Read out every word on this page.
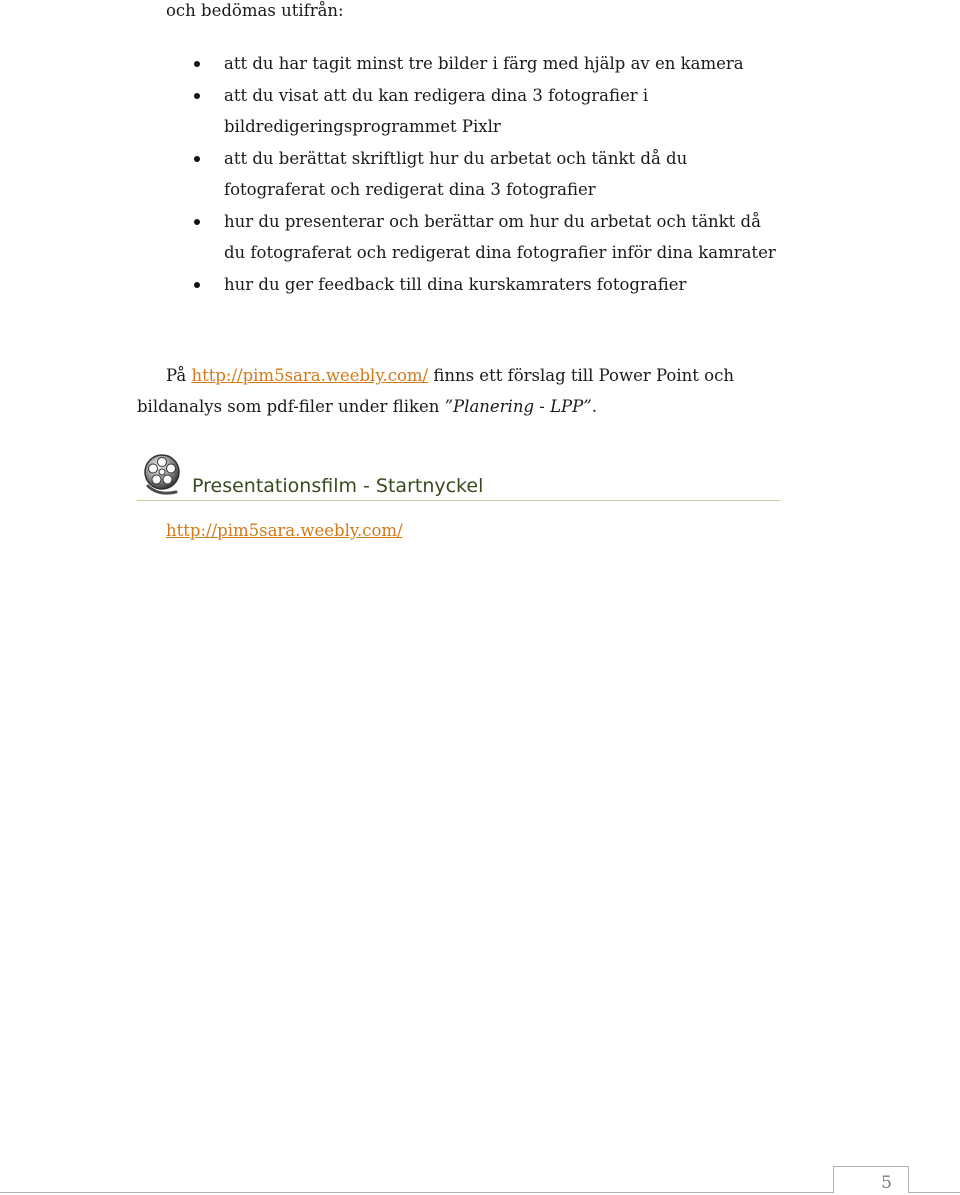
och bedömas utifrån:

att du har tagit minst tre bilder i färg med hjälp av en kamera
att du visat att du kan redigera dina 3 fotografier i bildredigeringsprogrammet Pixlr
att du berättat skriftligt hur du arbetat och tänkt då du fotograferat och redigerat dina 3 fotografier
hur du presenterar och berättar om hur du arbetat och tänkt då du fotograferat och redigerat dina fotografier inför dina kamrater
hur du ger feedback till dina kurskamraters fotografier

På http://pim5sara.weebly.com/ finns ett förslag till Power Point och bildanalys som pdf-filer under fliken ”Planering - LPP”.

Presentationsfilm - Startnyckel
http://pim5sara.weebly.com/
5
